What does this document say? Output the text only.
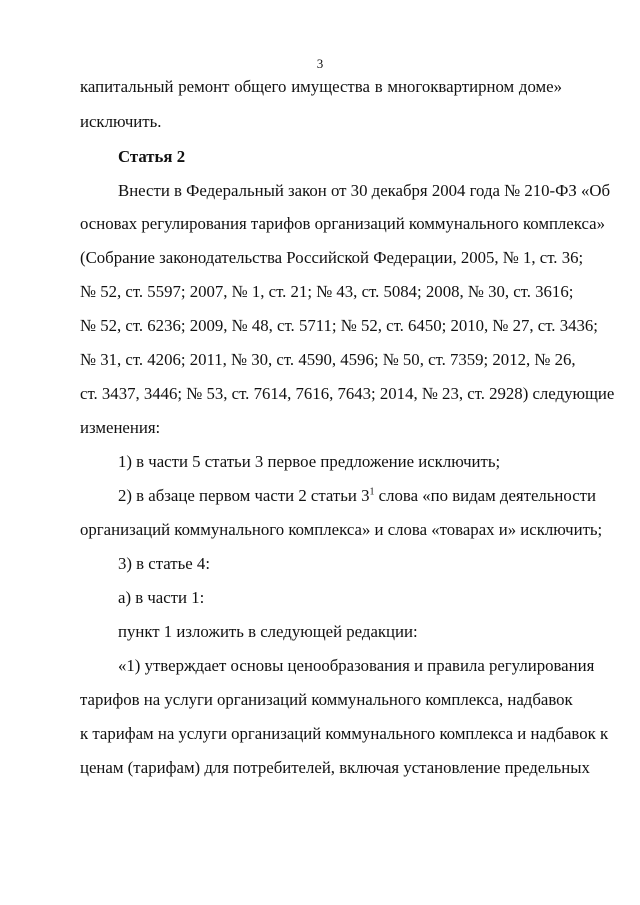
3
капитальный ремонт общего имущества в многоквартирном доме»
исключить.
Статья 2
Внести в Федеральный закон от 30 декабря 2004 года № 210-ФЗ «Об
основах регулирования тарифов организаций коммунального комплекса»
(Собрание законодательства Российской Федерации, 2005, № 1, ст. 36;
№ 52, ст. 5597; 2007, № 1, ст. 21; № 43, ст. 5084; 2008, № 30, ст. 3616;
№ 52, ст. 6236; 2009, № 48, ст. 5711; № 52, ст. 6450; 2010, № 27, ст. 3436;
№ 31, ст. 4206; 2011, № 30, ст. 4590, 4596; № 50, ст. 7359; 2012, № 26,
ст. 3437, 3446; № 53, ст. 7614, 7616, 7643; 2014, № 23, ст. 2928) следующие
изменения:
1) в части 5 статьи 3 первое предложение исключить;
2) в абзаце первом части 2 статьи $3^1$ слова «по видам деятельности
организаций коммунального комплекса» и слова «товарах и» исключить;
3) в статье 4:
а) в части 1:
пункт 1 изложить в следующей редакции:
«1) утверждает основы ценообразования и правила регулирования
тарифов на услуги организаций коммунального комплекса, надбавок
к тарифам на услуги организаций коммунального комплекса и надбавок к
ценам (тарифам) для потребителей, включая установление предельных
